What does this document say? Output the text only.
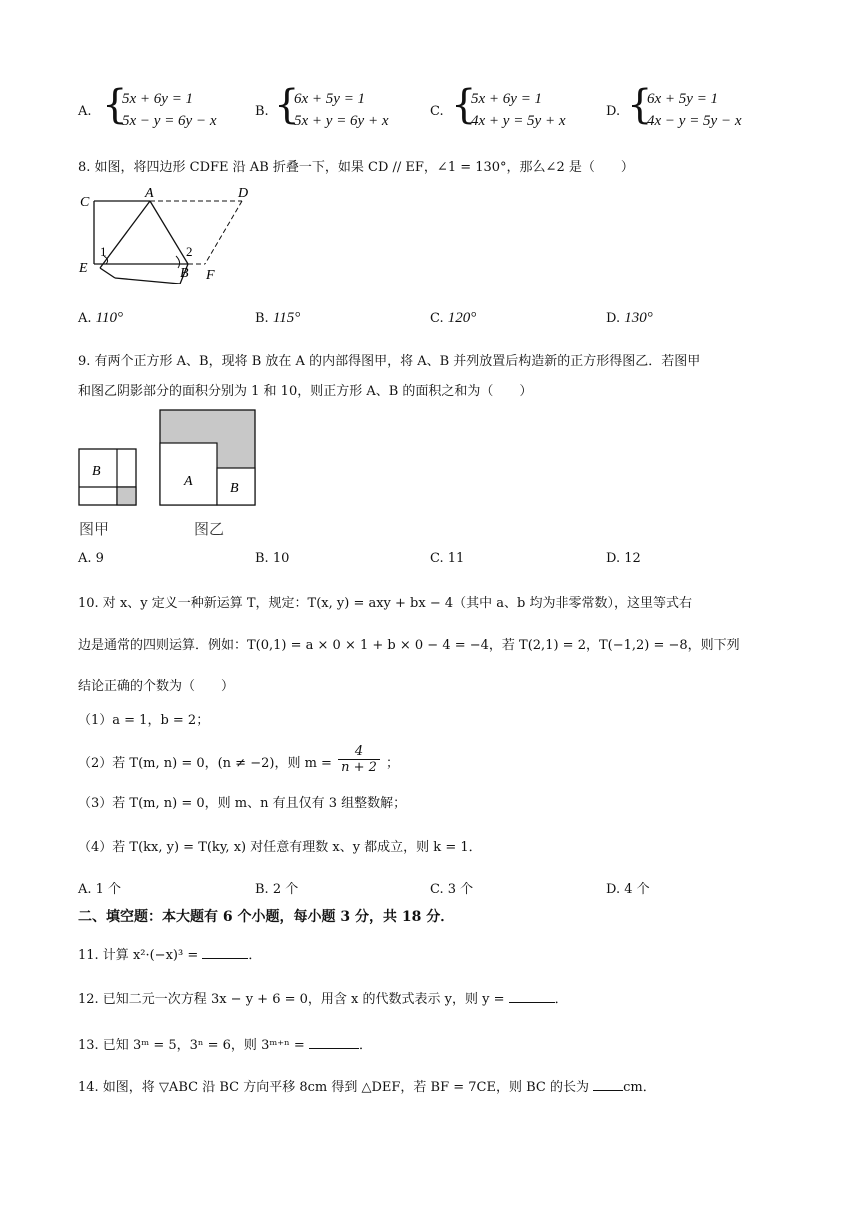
A. {
5x + 6y = 1
5x − y = 6y − x
B. {
6x + 5y = 1
5x + y = 6y + x
C. {
5x + 6y = 1
4x + y = 5y + x
D. {
6x + 5y = 1
4x − y = 5y − x
8. 如图，将四边形 CDFE 沿 AB 折叠一下，如果 CD // EF，∠1 = 130°，那么∠2 是（　　）
C
A	D
E	B F
1	2
A. 110°	B. 115°	C. 120°	D. 130°
9. 有两个正方形 A、B，现将 B 放在 A 的内部得图甲，将 A、B 并列放置后构造新的正方形得图乙．若图甲
和图乙阴影部分的面积分别为 1 和 10，则正方形 A、B 的面积之和为（　　）
B
A	B
图甲	图乙
A. 9	B. 10	C. 11	D. 12
10. 对 x、y 定义一种新运算 T，规定：T(x, y) = axy + bx − 4（其中 a、b 均为非零常数），这里等式右
边是通常的四则运算．例如：T(0,1) = a × 0 × 1 + b × 0 − 4 = −4，若 T(2,1) = 2，T(−1,2) = −8，则下列
结论正确的个数为（　　）
（1）a = 1，b = 2；
（2）若 T(m, n) = 0，(n ≠ −2)，则 $m = \frac{4}{n + 2}$ ；
（3）若 T(m, n) = 0，则 m、n 有且仅有 3 组整数解；
（4）若 T(kx, y) = T(ky, x) 对任意有理数 x、y 都成立，则 k = 1．
A. 1 个	B. 2 个	C. 3 个	D. 4 个
二、填空题：本大题有 6 个小题，每小题 3 分，共 18 分．
11. 计算 x²·(−x)³ =	．
12. 已知二元一次方程 3x − y + 6 = 0，用含 x 的代数式表示 y，则 y =	．
13. 已知 3ᵐ = 5，3ⁿ = 6，则 3ᵐ⁺ⁿ =	．
14. 如图，将 ▽ABC 沿 BC 方向平移 8cm 得到 △DEF，若 BF = 7CE，则 BC 的长为	cm．
